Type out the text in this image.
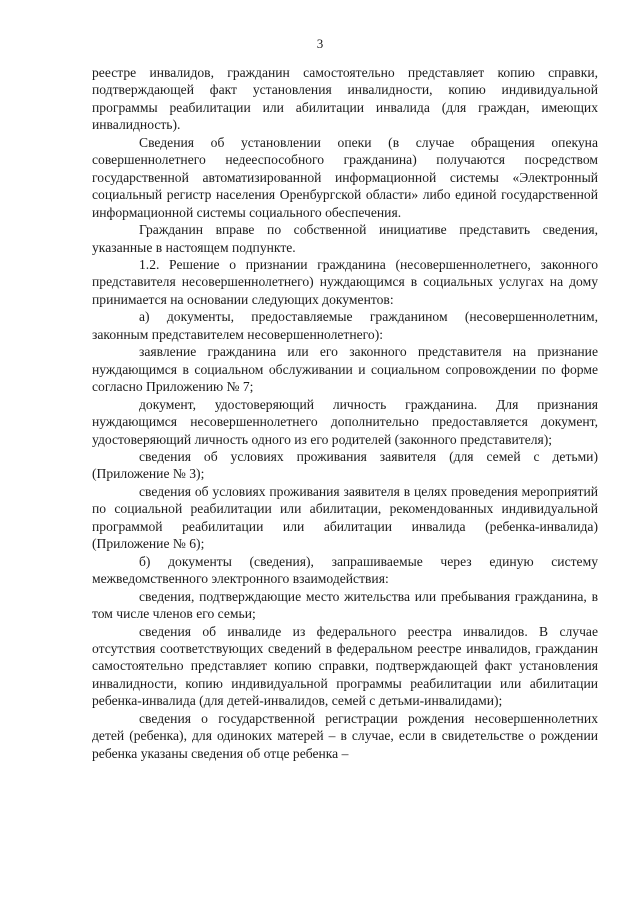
3

реестре инвалидов, гражданин самостоятельно представляет копию справки, подтверждающей факт установления инвалидности, копию индивидуальной программы реабилитации или абилитации инвалида (для граждан, имеющих инвалидность).

Сведения об установлении опеки (в случае обращения опекуна совершеннолетнего недееспособного гражданина) получаются посредством государственной автоматизированной информационной системы «Электронный социальный регистр населения Оренбургской области» либо единой государственной информационной системы социального обеспечения.

Гражданин вправе по собственной инициативе представить сведения, указанные в настоящем подпункте.

1.2. Решение о признании гражданина (несовершеннолетнего, законного представителя несовершеннолетнего) нуждающимся в социальных услугах на дому принимается на основании следующих документов:

а) документы, предоставляемые гражданином (несовершеннолетним, законным представителем несовершеннолетнего):

заявление гражданина или его законного представителя на признание нуждающимся в социальном обслуживании и социальном сопровождении по форме согласно Приложению № 7;

документ, удостоверяющий личность гражданина. Для признания нуждающимся несовершеннолетнего дополнительно предоставляется документ, удостоверяющий личность одного из его родителей (законного представителя);

сведения об условиях проживания заявителя (для семей с детьми) (Приложение № 3);

сведения об условиях проживания заявителя в целях проведения мероприятий по социальной реабилитации или абилитации, рекомендованных индивидуальной программой реабилитации или абилитации инвалида (ребенка-инвалида) (Приложение № 6);

б) документы (сведения), запрашиваемые через единую систему межведомственного электронного взаимодействия:

сведения, подтверждающие место жительства или пребывания гражданина, в том числе членов его семьи;

сведения об инвалиде из федерального реестра инвалидов. В случае отсутствия соответствующих сведений в федеральном реестре инвалидов, гражданин самостоятельно представляет копию справки, подтверждающей факт установления инвалидности, копию индивидуальной программы реабилитации или абилитации ребенка-инвалида (для детей-инвалидов, семей с детьми-инвалидами);

сведения о государственной регистрации рождения несовершеннолетних детей (ребенка), для одиноких матерей – в случае, если в свидетельстве о рождении ребенка указаны сведения об отце ребенка –
